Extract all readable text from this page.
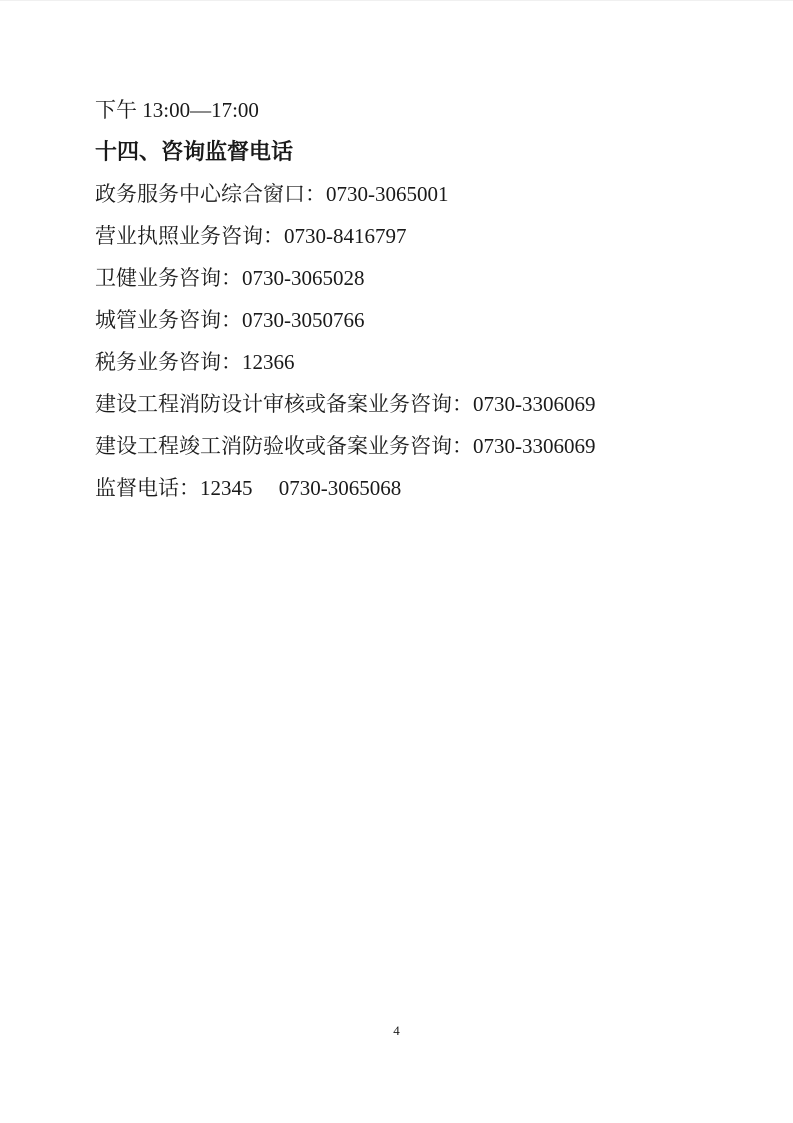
下午 13:00—17:00

十四、咨询监督电话

政务服务中心综合窗口：0730-3065001

营业执照业务咨询：0730-8416797

卫健业务咨询：0730-3065028

城管业务咨询：0730-3050766

税务业务咨询：12366

建设工程消防设计审核或备案业务咨询：0730-3306069

建设工程竣工消防验收或备案业务咨询：0730-3306069

监督电话：12345     0730-3065068

4
